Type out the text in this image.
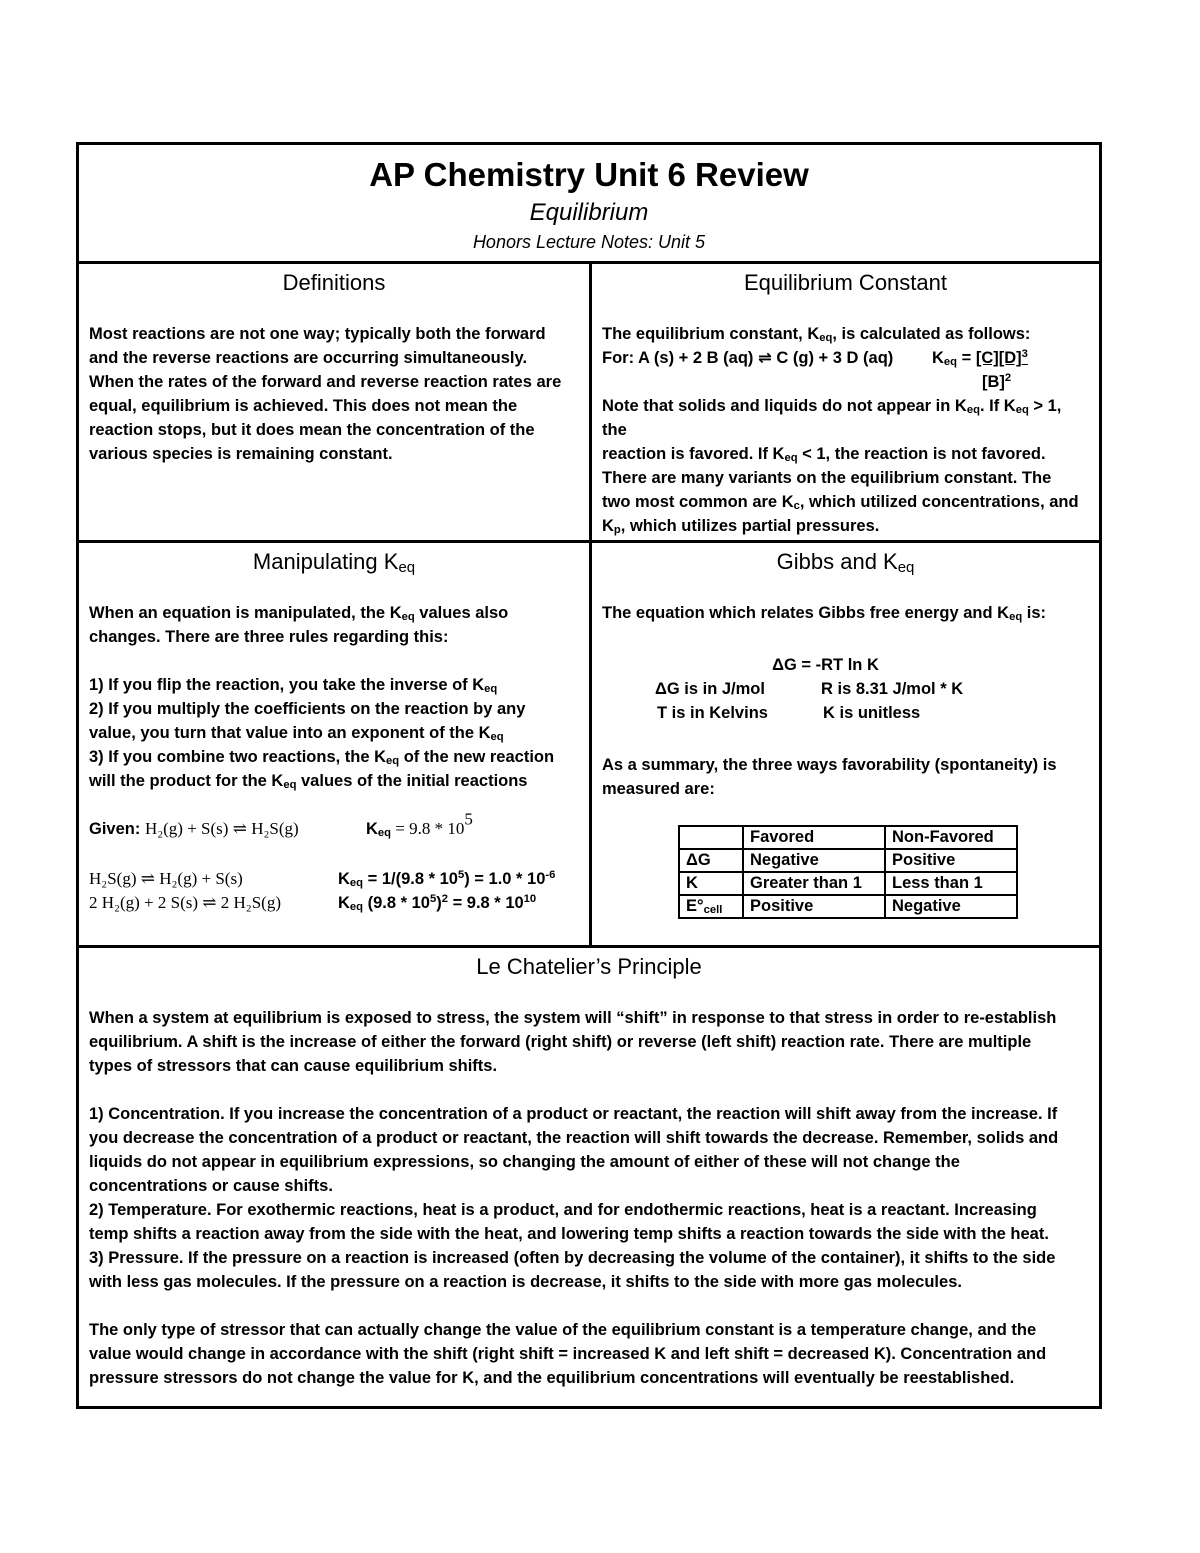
AP Chemistry Unit 6 Review
Equilibrium
Honors Lecture Notes: Unit 5
Definitions
Most reactions are not one way; typically both the forward
and the reverse reactions are occurring simultaneously.
When the rates of the forward and reverse reaction rates are
equal, equilibrium is achieved. This does not mean the
reaction stops, but it does mean the concentration of the
various species is remaining constant.
Equilibrium Constant
The equilibrium constant, $K_{eq}$, is calculated as follows:
For: A (s) + 2 B (aq) ⇌ C (g) + 3 D (aq) $K_{eq} = [C][D]^3$
$[B]^2$
Note that solids and liquids do not appear in $K_{eq}$. If $K_{eq} > 1$, the
reaction is favored. If $K_{eq} < 1$, the reaction is not favored.
There are many variants on the equilibrium constant. The
two most common are $K_c$, which utilized concentrations, and
$K_p$, which utilizes partial pressures.
Manipulating $K_{eq}$
When an equation is manipulated, the $K_{eq}$ values also
changes. There are three rules regarding this:
1) If you flip the reaction, you take the inverse of $K_{eq}$
2) If you multiply the coefficients on the reaction by any
value, you turn that value into an exponent of the $K_{eq}$
3) If you combine two reactions, the $K_{eq}$ of the new reaction
will the product for the $K_{eq}$ values of the initial reactions
Given: H₂(g) + S(s) ⇌ H₂S(g)	$K_{eq} = 9.8 * 10^5$
H₂S(g) ⇌ H₂(g) + S(s)	$K_{eq} = 1/(9.8 * 10^5) = 1.0 * 10^{-6}$
2 H₂(g) + 2 S(s) ⇌ 2 H₂S(g)	$K_{eq}$ $(9.8 * 10^5)^2 = 9.8 * 10^{10}$
Gibbs and $K_{eq}$
The equation which relates Gibbs free energy and $K_{eq}$ is:
ΔG = -RT ln K
ΔG is in J/mol	R is 8.31 J/mol * K
T is in Kelvins	K is unitless
As a summary, the three ways favorability (spontaneity) is
measured are:
	Favored	Non-Favored
ΔG	Negative	Positive
K	Greater than 1	Less than 1
$E^\circ_{cell}$	Positive	Negative
Le Chatelier’s Principle
When a system at equilibrium is exposed to stress, the system will “shift” in response to that stress in order to re-establish
equilibrium. A shift is the increase of either the forward (right shift) or reverse (left shift) reaction rate. There are multiple
types of stressors that can cause equilibrium shifts.
1) Concentration. If you increase the concentration of a product or reactant, the reaction will shift away from the increase. If
you decrease the concentration of a product or reactant, the reaction will shift towards the decrease. Remember, solids and
liquids do not appear in equilibrium expressions, so changing the amount of either of these will not change the
concentrations or cause shifts.
2) Temperature. For exothermic reactions, heat is a product, and for endothermic reactions, heat is a reactant. Increasing
temp shifts a reaction away from the side with the heat, and lowering temp shifts a reaction towards the side with the heat.
3) Pressure. If the pressure on a reaction is increased (often by decreasing the volume of the container), it shifts to the side
with less gas molecules. If the pressure on a reaction is decrease, it shifts to the side with more gas molecules.
The only type of stressor that can actually change the value of the equilibrium constant is a temperature change, and the
value would change in accordance with the shift (right shift = increased K and left shift = decreased K). Concentration and
pressure stressors do not change the value for K, and the equilibrium concentrations will eventually be reestablished.
